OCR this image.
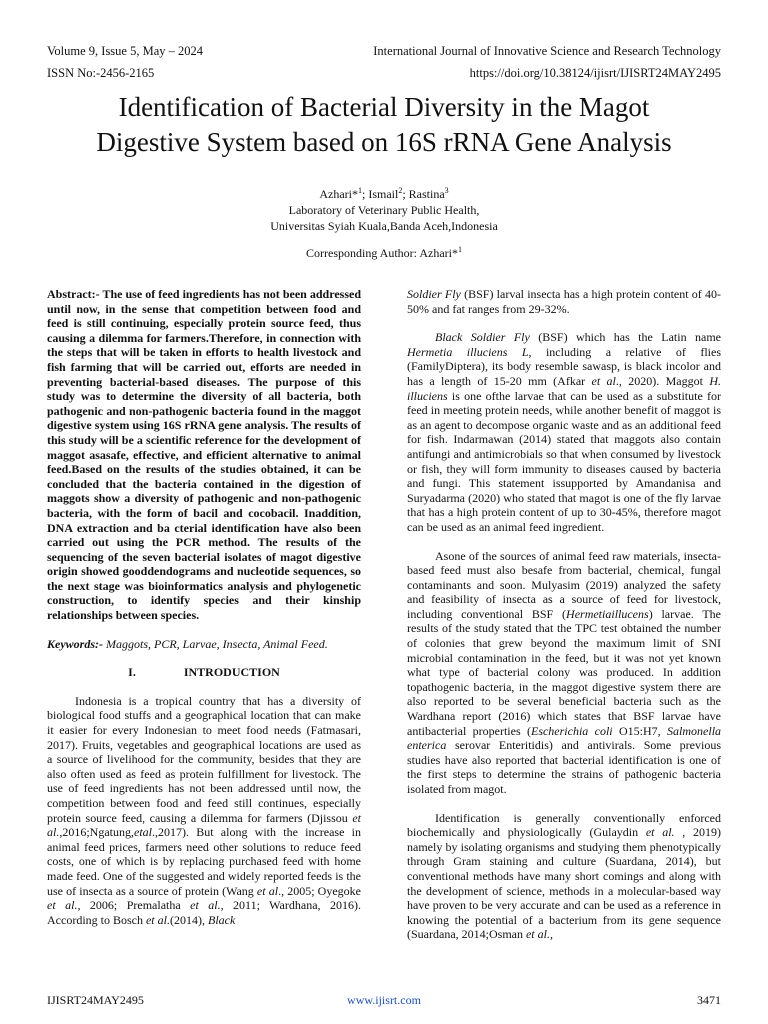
Volume 9, Issue 5, May – 2024	International Journal of Innovative Science and Research Technology
ISSN No:-2456-2165	https://doi.org/10.38124/ijisrt/IJISRT24MAY2495
Identification of Bacterial Diversity in the Magot
Digestive System based on 16S rRNA Gene Analysis
Azhari*$^1$; Ismail$^2$; Rastina$^3$
Laboratory of Veterinary Public Health,
Universitas Syiah Kuala,Banda Aceh,Indonesia
Corresponding Author: Azhari*$^1$

Abstract:- The use of feed ingredients has not been addressed until now, in the sense that competition between food and feed is still continuing, especially protein source feed, thus causing a dilemma for farmers.Therefore, in connection with the steps that will be taken in efforts to health livestock and fish farming that will be carried out, efforts are needed in preventing bacterial-based diseases. The purpose of this study was to determine the diversity of all bacteria, both pathogenic and non-pathogenic bacteria found in the maggot digestive system using 16S rRNA gene analysis. The results of this study will be a scientific reference for the development of maggot asasafe, effective, and efficient alternative to animal feed.Based on the results of the studies obtained, it can be concluded that the bacteria contained in the digestion of maggots show a diversity of pathogenic and non-pathogenic bacteria, with the form of bacil and cocobacil. Inaddition, DNA extraction and ba cterial identification have also been carried out using the PCR method. The results of the sequencing of the seven bacterial isolates of magot digestive origin showed gooddendograms and nucleotide sequences, so the next stage was bioinformatics analysis and phylogenetic construction, to identify species and their kinship relationships between species.

Keywords:- Maggots, PCR, Larvae, Insecta, Animal Feed.

I.	INTRODUCTION

Indonesia is a tropical country that has a diversity of biological food stuffs and a geographical location that can make it easier for every Indonesian to meet food needs (Fatmasari, 2017). Fruits, vegetables and geographical locations are used as a source of livelihood for the community, besides that they are also often used as feed as protein fulfillment for livestock. The use of feed ingredients has not been addressed until now, the competition between food and feed still continues, especially protein source feed, causing a dilemma for farmers (Djissou et al.,2016;Ngatung,etal.,2017). But along with the increase in animal feed prices, farmers need other solutions to reduce feed costs, one of which is by replacing purchased feed with home made feed. One of the suggested and widely reported feeds is the use of insecta as a source of protein (Wang et al., 2005; Oyegoke et al., 2006; Premalatha et al., 2011; Wardhana, 2016). According to Bosch et al.(2014), Black

Soldier Fly (BSF) larval insecta has a high protein content of 40-50% and fat ranges from 29-32%.

Black Soldier Fly (BSF) which has the Latin name Hermetia illuciens L, including a relative of flies (FamilyDiptera), its body resemble sawasp, is black incolor and has a length of 15-20 mm (Afkar et al., 2020). Maggot H. illuciens is one ofthe larvae that can be used as a substitute for feed in meeting protein needs, while another benefit of maggot is as an agent to decompose organic waste and as an additional feed for fish. Indarmawan (2014) stated that maggots also contain antifungi and antimicrobials so that when consumed by livestock or fish, they will form immunity to diseases caused by bacteria and fungi. This statement issupported by Amandanisa and Suryadarma (2020) who stated that magot is one of the fly larvae that has a high protein content of up to 30-45%, therefore magot can be used as an animal feed ingredient.

Asone of the sources of animal feed raw materials, insecta-based feed must also besafe from bacterial, chemical, fungal contaminants and soon. Mulyasim (2019) analyzed the safety and feasibility of insecta as a source of feed for livestock, including conventional BSF (Hermetiaillucens) larvae. The results of the study stated that the TPC test obtained the number of colonies that grew beyond the maximum limit of SNI microbial contamination in the feed, but it was not yet known what type of bacterial colony was produced. In addition topathogenic bacteria, in the maggot digestive system there are also reported to be several beneficial bacteria such as the Wardhana report (2016) which states that BSF larvae have antibacterial properties (Escherichia coli O15:H7, Salmonella enterica serovar Enteritidis) and antivirals. Some previous studies have also reported that bacterial identification is one of the first steps to determine the strains of pathogenic bacteria isolated from magot.

Identification is generally conventionally enforced biochemically and physiologically (Gulaydin et al. , 2019) namely by isolating organisms and studying them phenotypically through Gram staining and culture (Suardana, 2014), but conventional methods have many short comings and along with the development of science, methods in a molecular-based way have proven to be very accurate and can be used as a reference in knowing the potential of a bacterium from its gene sequence (Suardana, 2014;Osman et al.,

IJISRT24MAY2495	www.ijisrt.com	3471
